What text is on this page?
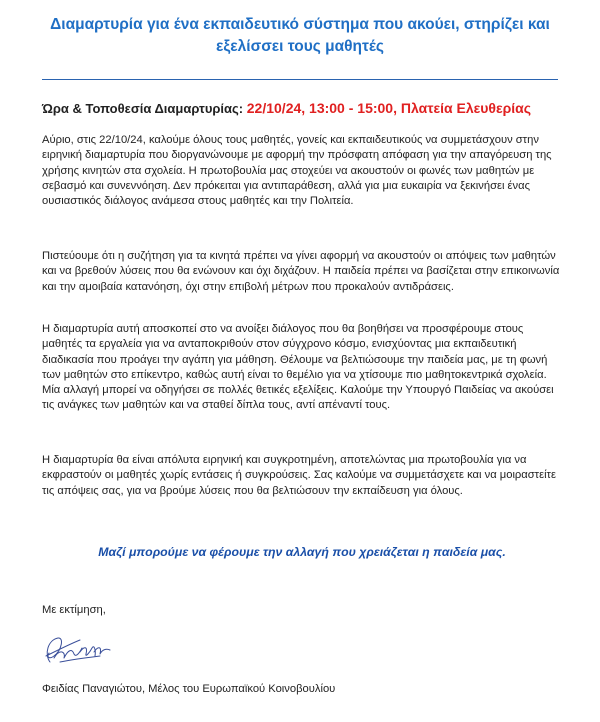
Διαμαρτυρία για ένα εκπαιδευτικό σύστημα που ακούει, στηρίζει και εξελίσσει τους μαθητές

Ώρα & Τοποθεσία Διαμαρτυρίας: 22/10/24, 13:00 - 15:00, Πλατεία Ελευθερίας

Αύριο, στις 22/10/24, καλούμε όλους τους μαθητές, γονείς και εκπαιδευτικούς να συμμετάσχουν στην ειρηνική διαμαρτυρία που διοργανώνουμε με αφορμή την πρόσφατη απόφαση για την απαγόρευση της χρήσης κινητών στα σχολεία. Η πρωτοβουλία μας στοχεύει να ακουστούν οι φωνές των μαθητών με σεβασμό και συνεννόηση. Δεν πρόκειται για αντιπαράθεση, αλλά για μια ευκαιρία να ξεκινήσει ένας ουσιαστικός διάλογος ανάμεσα στους μαθητές και την Πολιτεία.

Πιστεύουμε ότι η συζήτηση για τα κινητά πρέπει να γίνει αφορμή να ακουστούν οι απόψεις των μαθητών και να βρεθούν λύσεις που θα ενώνουν και όχι διχάζουν. Η παιδεία πρέπει να βασίζεται στην επικοινωνία και την αμοιβαία κατανόηση, όχι στην επιβολή μέτρων που προκαλούν αντιδράσεις.

Η διαμαρτυρία αυτή αποσκοπεί στο να ανοίξει διάλογος που θα βοηθήσει να προσφέρουμε στους μαθητές τα εργαλεία για να ανταποκριθούν στον σύγχρονο κόσμο, ενισχύοντας μια εκπαιδευτική διαδικασία που προάγει την αγάπη για μάθηση. Θέλουμε να βελτιώσουμε την παιδεία μας, με τη φωνή των μαθητών στο επίκεντρο, καθώς αυτή είναι το θεμέλιο για να χτίσουμε πιο μαθητοκεντρικά σχολεία. Μία αλλαγή μπορεί να οδηγήσει σε πολλές θετικές εξελίξεις. Καλούμε την Υπουργό Παιδείας να ακούσει τις ανάγκες των μαθητών και να σταθεί δίπλα τους, αντί απέναντί τους.

Η διαμαρτυρία θα είναι απόλυτα ειρηνική και συγκροτημένη, αποτελώντας μια πρωτοβουλία για να εκφραστούν οι μαθητές χωρίς εντάσεις ή συγκρούσεις. Σας καλούμε να συμμετάσχετε και να μοιραστείτε τις απόψεις σας, για να βρούμε λύσεις που θα βελτιώσουν την εκπαίδευση για όλους.

Μαζί μπορούμε να φέρουμε την αλλαγή που χρειάζεται η παιδεία μας.

Με εκτίμηση,

Φειδίας Παναγιώτου, Μέλος του Ευρωπαϊκού Κοινοβουλίου
